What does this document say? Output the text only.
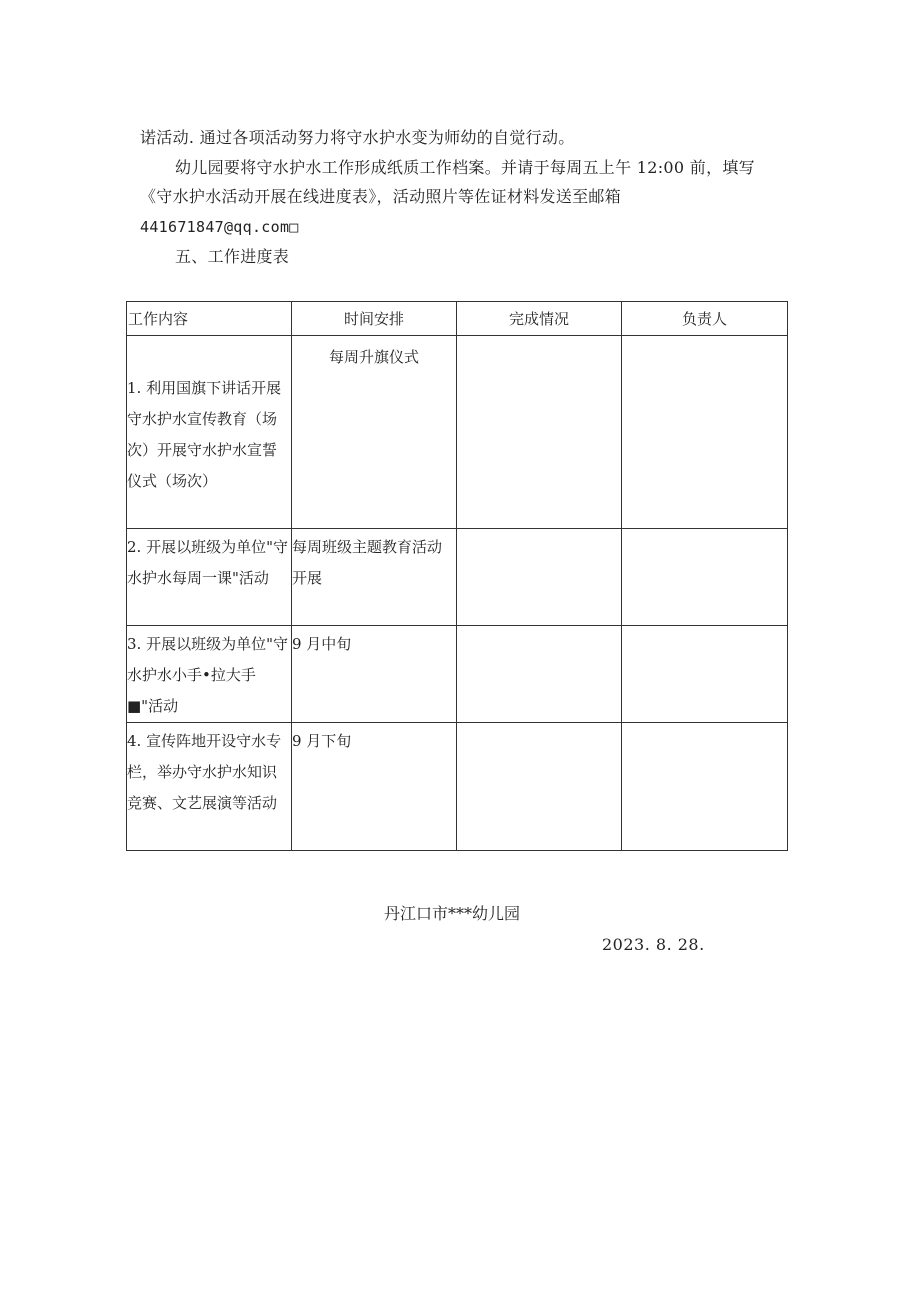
诺活动. 通过各项活动努力将守水护水变为师幼的自觉行动。
幼儿园要将守水护水工作形成纸质工作档案。并请于每周五上午 12:00 前，填写
《守水护水活动开展在线进度表》，活动照片等佐证材料发送至邮箱
441671847@qq.com□
五、工作进度表
工作内容	时间安排	完成情况	负责人
1. 利用国旗下讲话开展守水护水宣传教育（场次）开展守水护水宣誓仪式（场次）	每周升旗仪式		
2. 开展以班级为单位"守水护水每周一课"活动	每周班级主题教育活动开展		
3. 开展以班级为单位"守水护水小手•拉大手■"活动	9 月中旬		
4. 宣传阵地开设守水专栏，举办守水护水知识竞赛、文艺展演等活动	9 月下旬		
丹江口市***幼儿园
2023. 8. 28.
